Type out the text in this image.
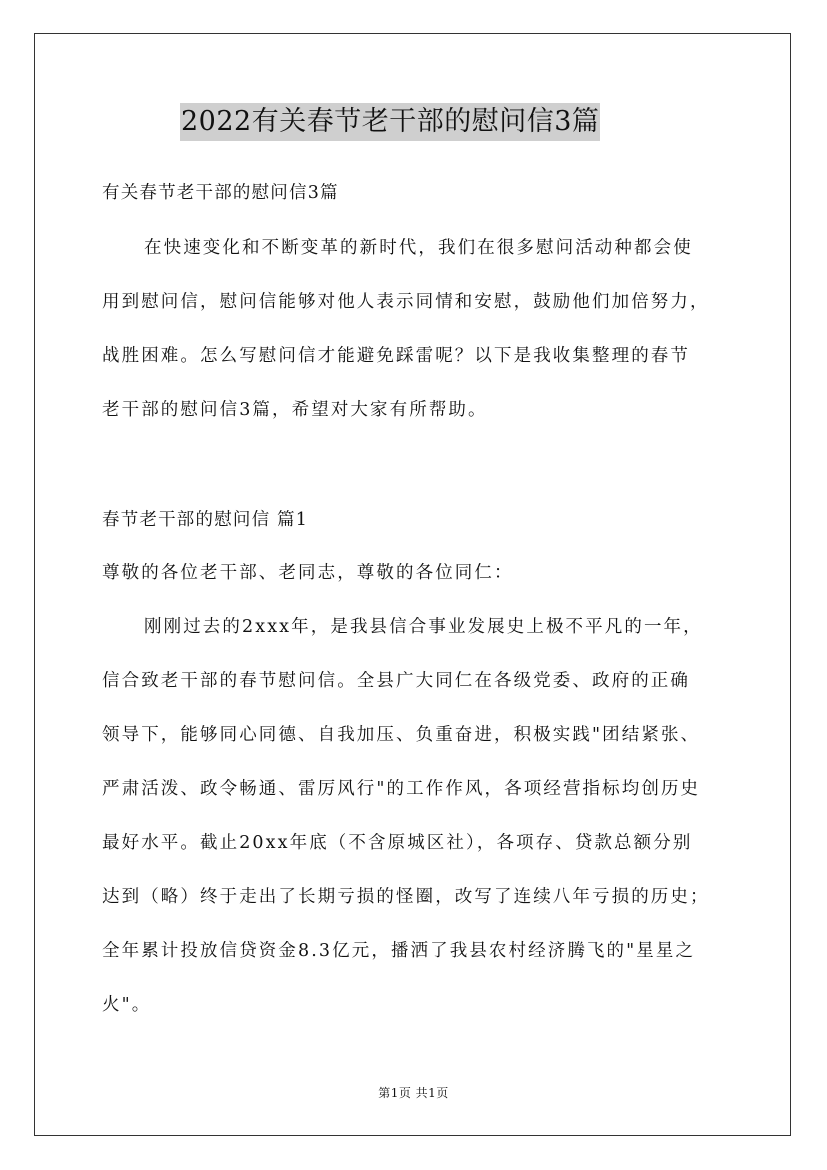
2022有关春节老干部的慰问信3篇
有关春节老干部的慰问信3篇
在快速变化和不断变革的新时代，我们在很多慰问活动种都会使
用到慰问信，慰问信能够对他人表示同情和安慰，鼓励他们加倍努力，
战胜困难。怎么写慰问信才能避免踩雷呢？以下是我收集整理的春节
老干部的慰问信3篇，希望对大家有所帮助。
春节老干部的慰问信 篇1
尊敬的各位老干部、老同志，尊敬的各位同仁：
刚刚过去的2xxx年，是我县信合事业发展史上极不平凡的一年，
信合致老干部的春节慰问信。全县广大同仁在各级党委、政府的正确
领导下，能够同心同德、自我加压、负重奋进，积极实践"团结紧张、
严肃活泼、政令畅通、雷厉风行"的工作作风，各项经营指标均创历史
最好水平。截止20xx年底（不含原城区社），各项存、贷款总额分别
达到（略）终于走出了长期亏损的怪圈，改写了连续八年亏损的历史；
全年累计投放信贷资金8.3亿元，播洒了我县农村经济腾飞的"星星之
火"。
第1页 共1页
